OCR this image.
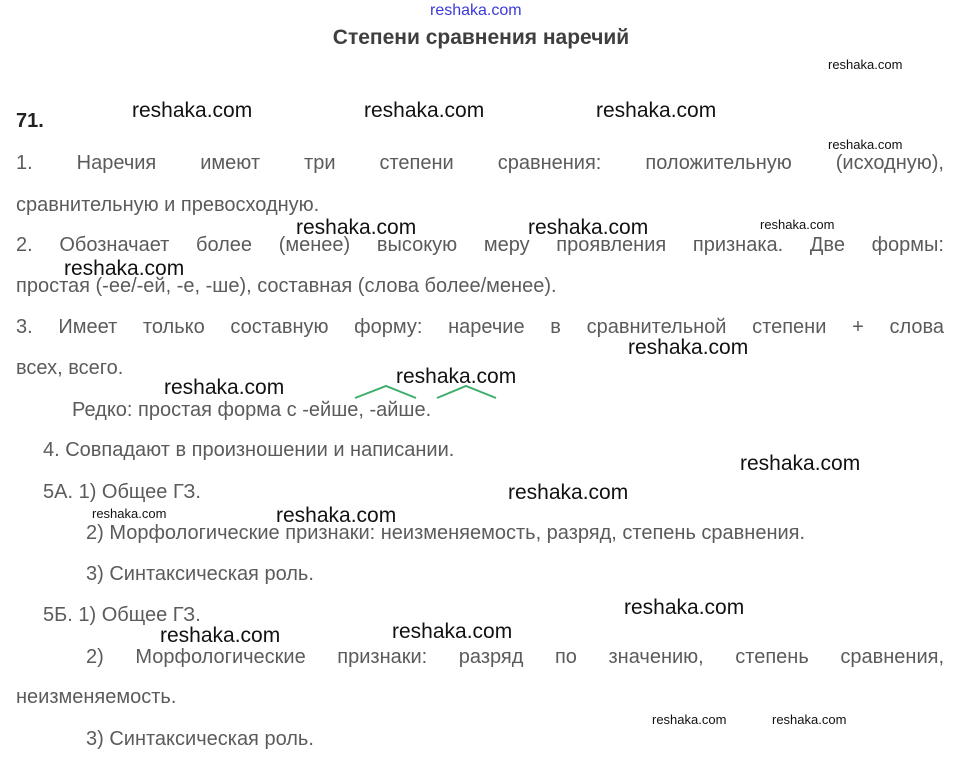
reshaka.com
Степени сравнения наречий
71.
1. Наречия имеют три степени сравнения: положительную (исходную),
сравнительную и превосходную.
2. Обозначает более (менее) высокую меру проявления признака. Две формы:
простая (-ее/-ей, -е, -ше), составная (слова более/менее).
3. Имеет только составную форму: наречие в сравнительной степени + слова
всех, всего.
Редко: простая форма с -ейше, -айше.
4. Совпадают в произношении и написании.
5А. 1) Общее ГЗ.
2) Морфологические признаки: неизменяемость, разряд, степень сравнения.
3) Синтаксическая роль.
5Б. 1) Общее ГЗ.
2) Морфологические признаки: разряд по значению, степень сравнения,
неизменяемость.
3) Синтаксическая роль.
reshaka.com
reshaka.com	reshaka.com	reshaka.com
reshaka.com
reshaka.com	reshaka.com	reshaka.com
reshaka.com
reshaka.com
reshaka.com
reshaka.com
reshaka.com
reshaka.com
reshaka.com	reshaka.com
reshaka.com
reshaka.com
reshaka.com
reshaka.com	reshaka.com
